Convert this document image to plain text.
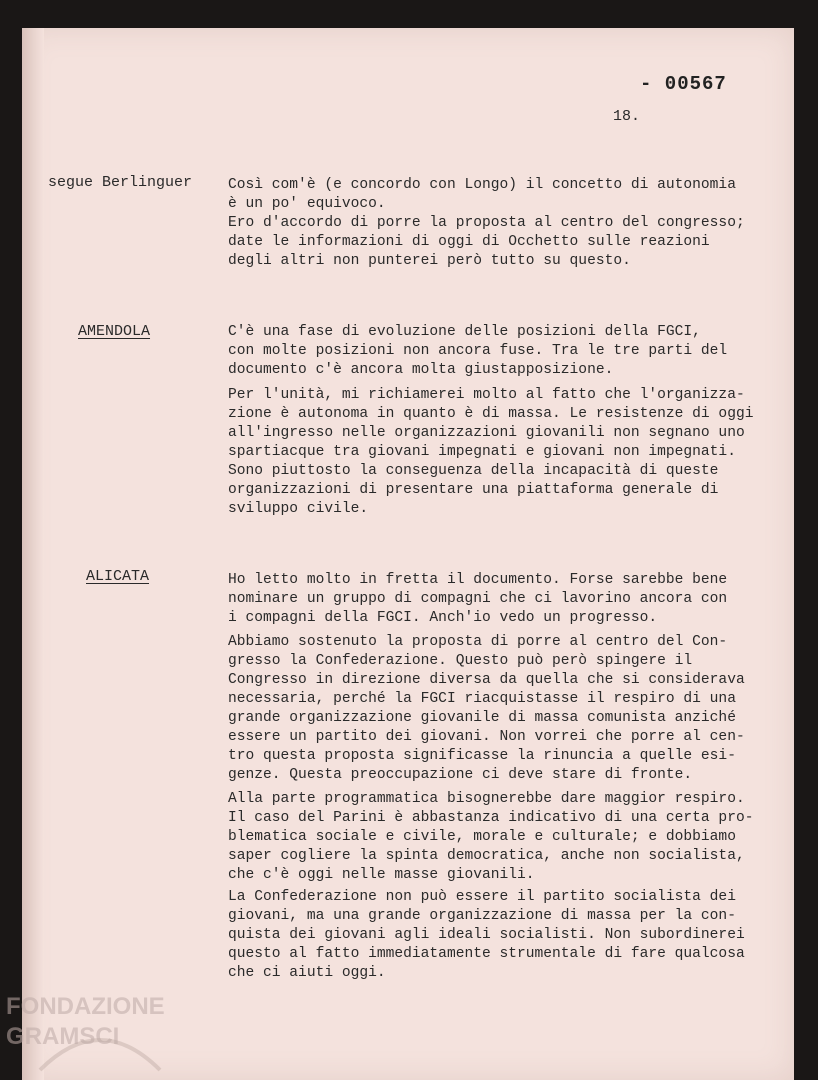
- 00567
18.
segue Berlinguer Così com'è (e concordo con Longo) il concetto di autonomia
è un po' equivoco.
Ero d'accordo di porre la proposta al centro del congresso;
date le informazioni di oggi di Occhetto sulle reazioni
degli altri non punterei però tutto su questo.

AMENDOLA	C'è una fase di evoluzione delle posizioni della FGCI,
con molte posizioni non ancora fuse. Tra le tre parti del
documento c'è ancora molta giustapposizione.

Per l'unità, mi richiamerei molto al fatto che l'organizza-
zione è autonoma in quanto è di massa. Le resistenze di oggi
all'ingresso nelle organizzazioni giovanili non segnano uno
spartiacque tra giovani impegnati e giovani non impegnati.
Sono piuttosto la conseguenza della incapacità di queste
organizzazioni di presentare una piattaforma generale di
sviluppo civile.

ALICATA	Ho letto molto in fretta il documento. Forse sarebbe bene
nominare un gruppo di compagni che ci lavorino ancora con
i compagni della FGCI. Anch'io vedo un progresso.

Abbiamo sostenuto la proposta di porre al centro del Con-
gresso la Confederazione. Questo può però spingere il
Congresso in direzione diversa da quella che si considerava
necessaria, perché la FGCI riacquistasse il respiro di una
grande organizzazione giovanile di massa comunista anziché
essere un partito dei giovani. Non vorrei che porre al cen-
tro questa proposta significasse la rinuncia a quelle esi-
genze. Questa preoccupazione ci deve stare di fronte.

Alla parte programmatica bisognerebbe dare maggior respiro.
Il caso del Parini è abbastanza indicativo di una certa pro-
blematica sociale e civile, morale e culturale; e dobbiamo
saper cogliere la spinta democratica, anche non socialista,
che c'è oggi nelle masse giovanili.

La Confederazione non può essere il partito socialista dei
giovani, ma una grande organizzazione di massa per la con-
quista dei giovani agli ideali socialisti. Non subordinerei
questo al fatto immediatamente strumentale di fare qualcosa
che ci aiuti oggi.

FONDAZIONE
GRAMSCI
